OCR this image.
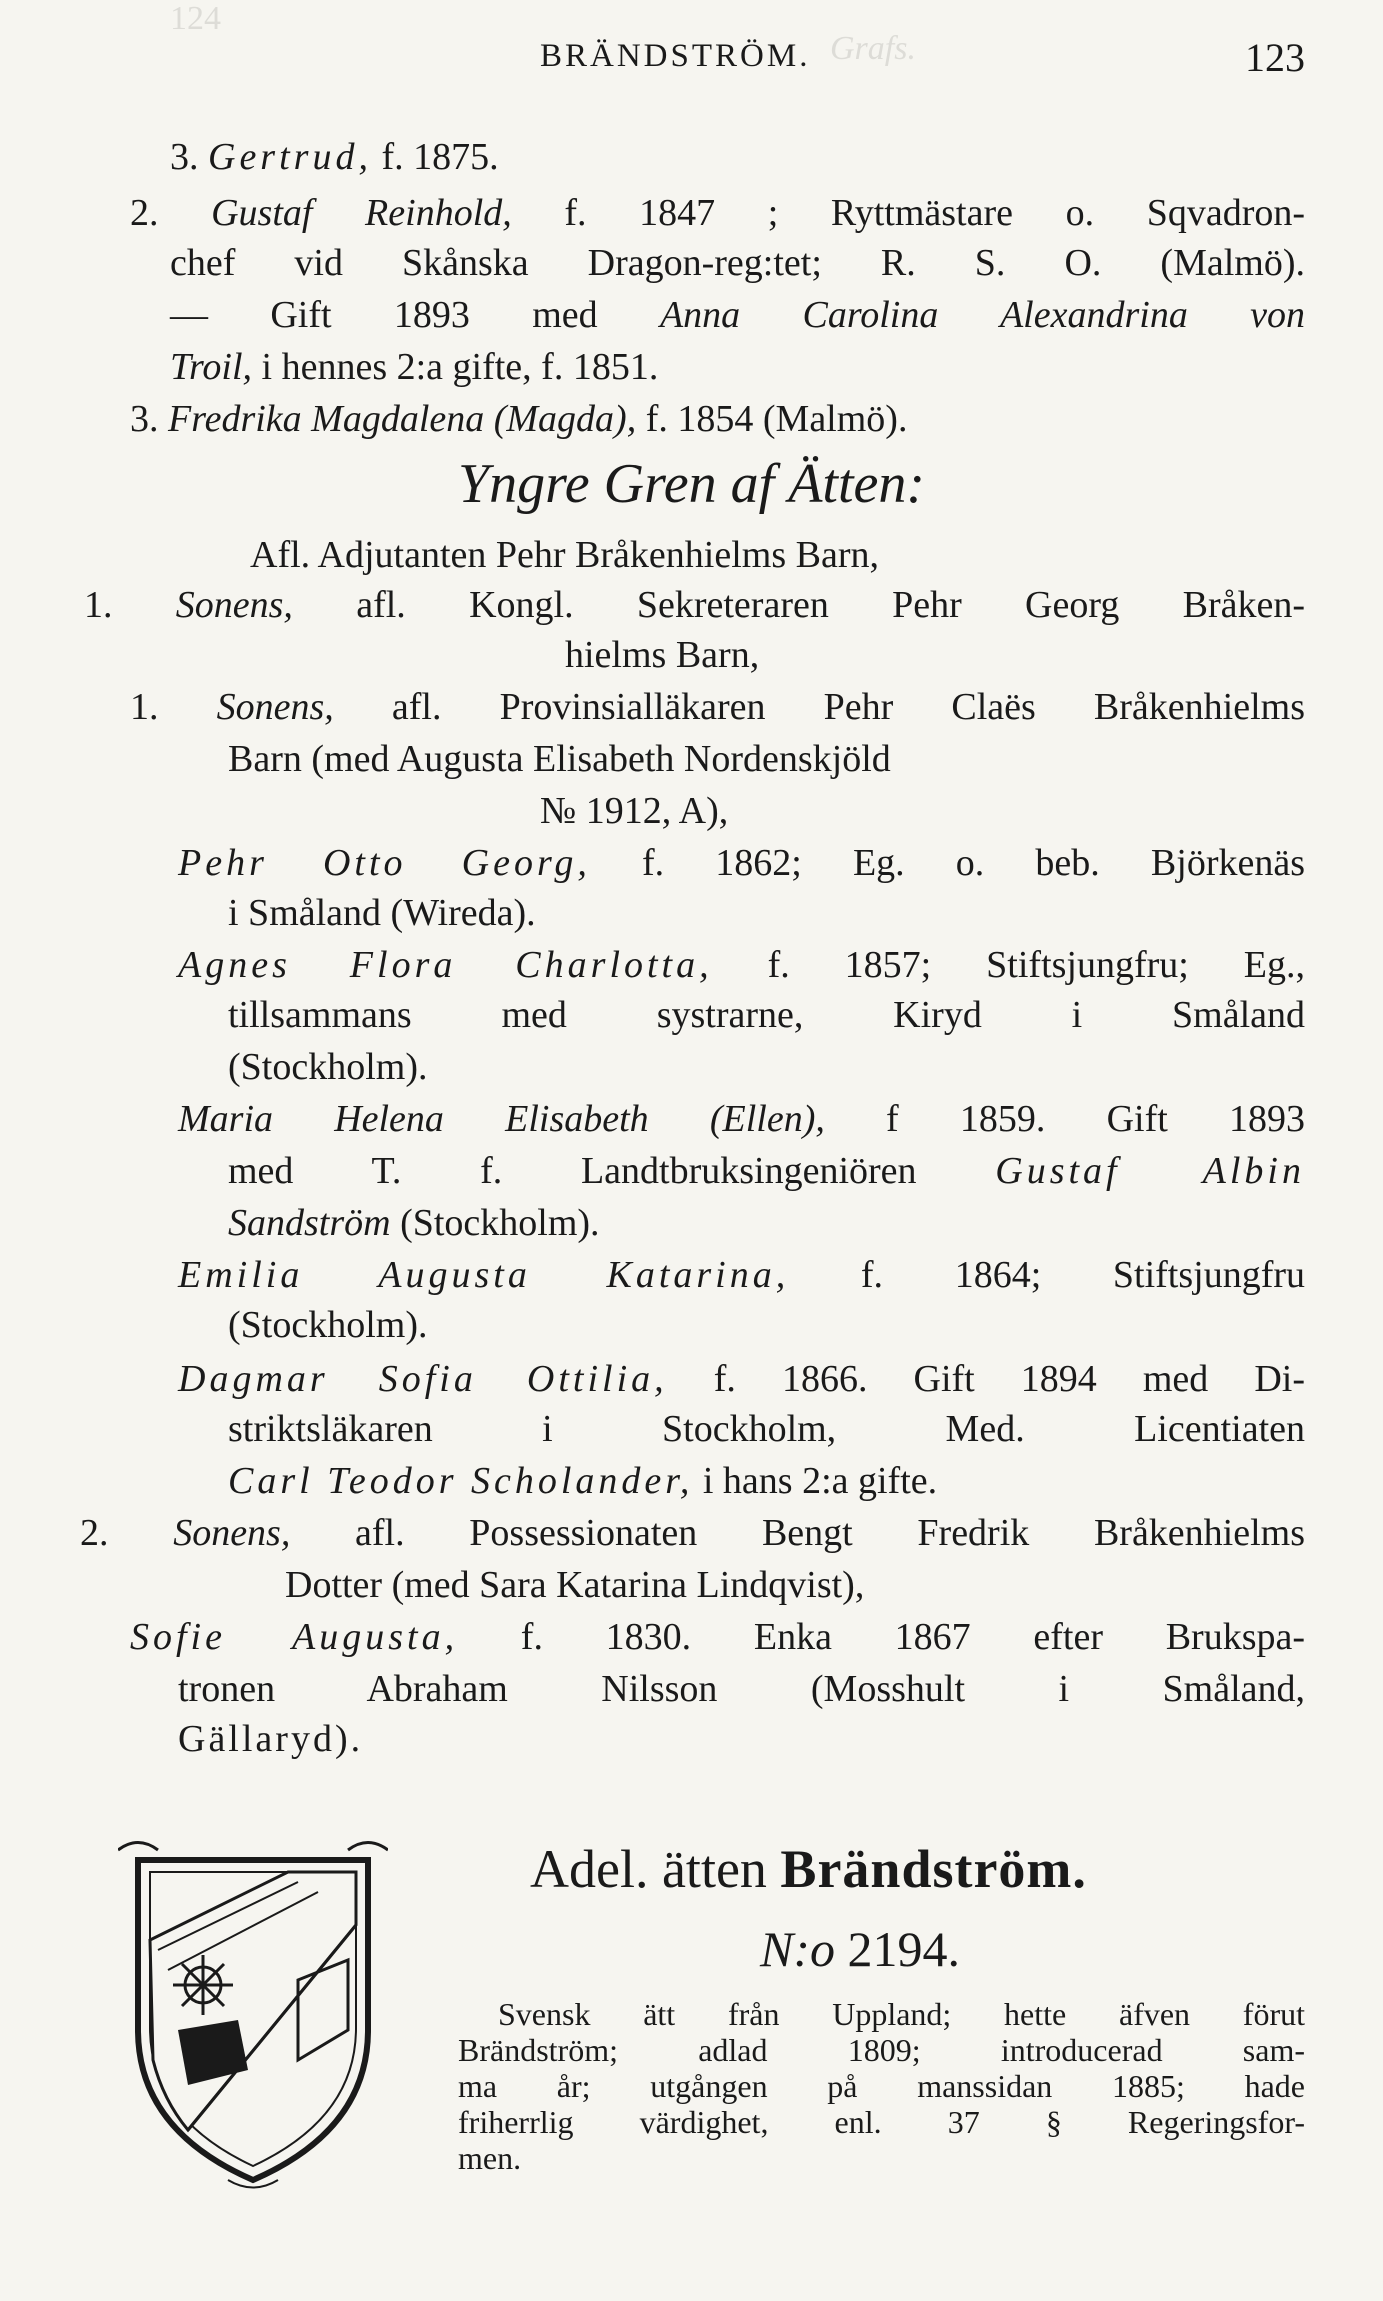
124
Grafs.
BRÄNDSTRÖM.	123
3. Gertrud, f. 1875.
2. Gustaf Reinhold, f. 1847 ; Ryttmästare o. Sqvadron-
chef vid Skånska Dragon-reg:tet; R. S. O. (Malmö).
— Gift 1893 med Anna Carolina Alexandrina von
Troil, i hennes 2:a gifte, f. 1851.
3. Fredrika Magdalena (Magda), f. 1854 (Malmö).
Yngre Gren af Ätten:
Afl. Adjutanten Pehr Bråkenhielms Barn,
1. Sonens, afl. Kongl. Sekreteraren Pehr Georg Bråken-
hielms Barn,
1. Sonens, afl. Provinsialläkaren Pehr Claës Bråkenhielms
Barn (med Augusta Elisabeth Nordenskjöld
№ 1912, A),
Pehr Otto Georg, f. 1862; Eg. o. beb. Björkenäs
i Småland (Wireda).
Agnes Flora Charlotta, f. 1857; Stiftsjungfru; Eg.,
tillsammans med systrarne, Kiryd i Småland
(Stockholm).
Maria Helena Elisabeth (Ellen), f 1859. Gift 1893
med T. f. Landtbruksingeniören Gustaf Albin
Sandström (Stockholm).
Emilia Augusta Katarina, f. 1864; Stiftsjungfru
(Stockholm).
Dagmar Sofia Ottilia, f. 1866. Gift 1894 med Di-
striktsläkaren i Stockholm, Med. Licentiaten
Carl Teodor Scholander, i hans 2:a gifte.
2. Sonens, afl. Possessionaten Bengt Fredrik Bråkenhielms
Dotter (med Sara Katarina Lindqvist),
Sofie Augusta, f. 1830. Enka 1867 efter Brukspa-
tronen Abraham Nilsson (Mosshult i Småland,
Gällaryd).
Adel. ätten Brändström.
N:o 2194.
Svensk ätt från Uppland; hette äfven förut
Brändström; adlad 1809; introducerad sam-
ma år; utgången på manssidan 1885; hade
friherrlig värdighet, enl. 37 § Regeringsfor-
men.
